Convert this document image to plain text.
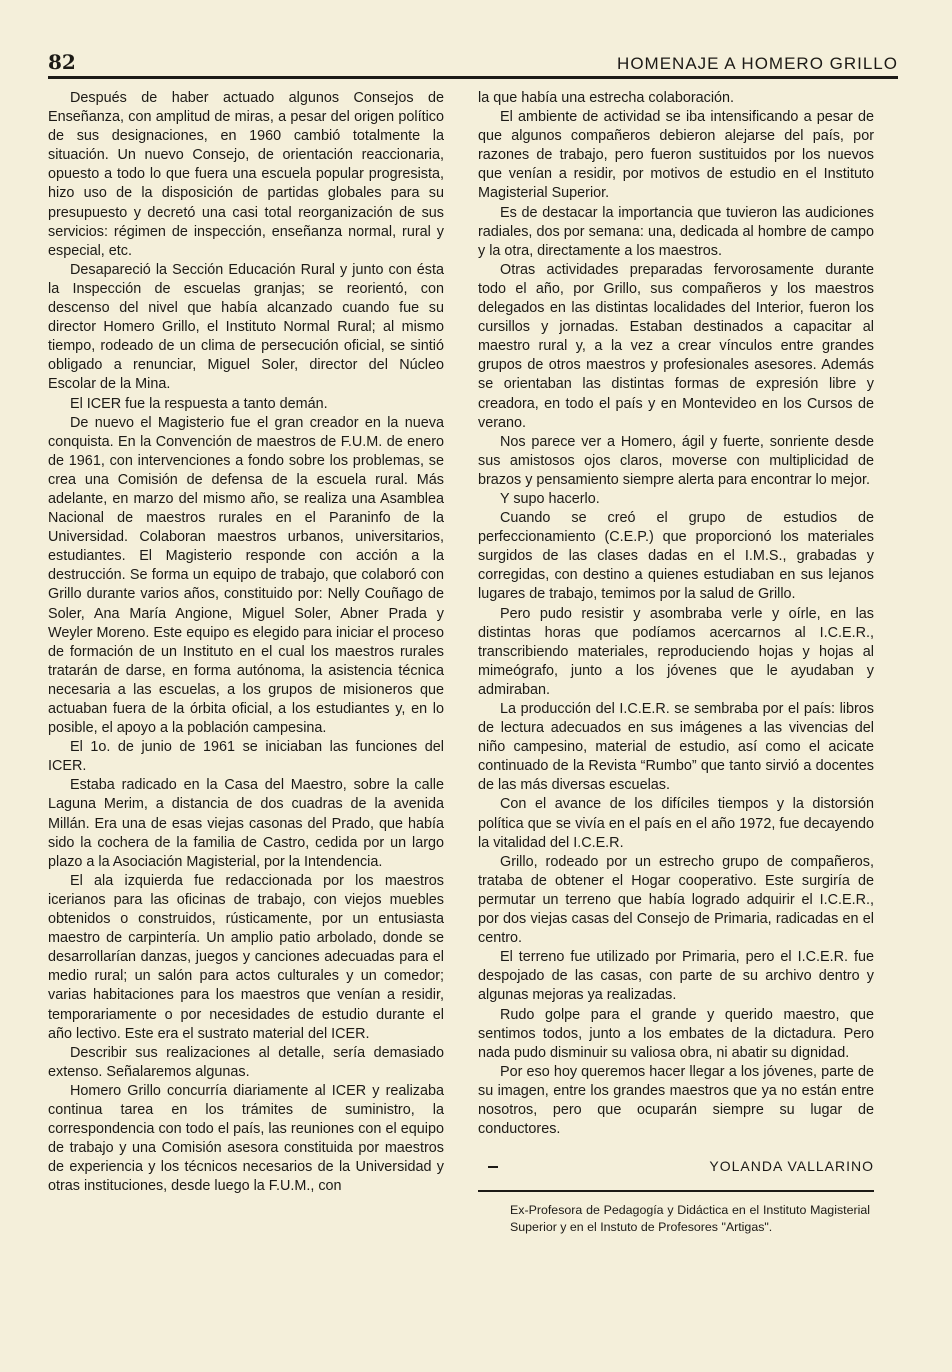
82	HOMENAJE A HOMERO GRILLO

Después de haber actuado algunos Consejos de Enseñanza, con amplitud de miras, a pesar del origen político de sus designaciones, en 1960 cambió totalmente la situación. Un nuevo Consejo, de orientación reaccionaria, opuesto a todo lo que fuera una escuela popular progresista, hizo uso de la disposición de partidas globales para su presupuesto y decretó una casi total reorganización de sus servicios: régimen de inspección, enseñanza normal, rural y especial, etc.

Desapareció la Sección Educación Rural y junto con ésta la Inspección de escuelas granjas; se reorientó, con descenso del nivel que había alcanzado cuando fue su director Homero Grillo, el Instituto Normal Rural; al mismo tiempo, rodeado de un clima de persecución oficial, se sintió obligado a renunciar, Miguel Soler, director del Núcleo Escolar de la Mina.

El ICER fue la respuesta a tanto demán.

De nuevo el Magisterio fue el gran creador en la nueva conquista. En la Convención de maestros de F.U.M. de enero de 1961, con intervenciones a fondo sobre los problemas, se crea una Comisión de defensa de la escuela rural. Más adelante, en marzo del mismo año, se realiza una Asamblea Nacional de maestros rurales en el Paraninfo de la Universidad. Colaboran maestros urbanos, universitarios, estudiantes. El Magisterio responde con acción a la destrucción. Se forma un equipo de trabajo, que colaboró con Grillo durante varios años, constituido por: Nelly Couñago de Soler, Ana María Angione, Miguel Soler, Abner Prada y Weyler Moreno. Este equipo es elegido para iniciar el proceso de formación de un Instituto en el cual los maestros rurales tratarán de darse, en forma autónoma, la asistencia técnica necesaria a las escuelas, a los grupos de misioneros que actuaban fuera de la órbita oficial, a los estudiantes y, en lo posible, el apoyo a la población campesina.

El 1o. de junio de 1961 se iniciaban las funciones del ICER.

Estaba radicado en la Casa del Maestro, sobre la calle Laguna Merim, a distancia de dos cuadras de la avenida Millán. Era una de esas viejas casonas del Prado, que había sido la cochera de la familia de Castro, cedida por un largo plazo a la Asociación Magisterial, por la Intendencia.

El ala izquierda fue redaccionada por los maestros icerianos para las oficinas de trabajo, con viejos muebles obtenidos o construidos, rústicamente, por un entusiasta maestro de carpintería. Un amplio patio arbolado, donde se desarrollarían danzas, juegos y canciones adecuadas para el medio rural; un salón para actos culturales y un comedor; varias habitaciones para los maestros que venían a residir, temporariamente o por necesidades de estudio durante el año lectivo. Este era el sustrato material del ICER.

Describir sus realizaciones al detalle, sería demasiado extenso. Señalaremos algunas.

Homero Grillo concurría diariamente al ICER y realizaba continua tarea en los trámites de suministro, la correspondencia con todo el país, las reuniones con el equipo de trabajo y una Comisión asesora constituida por maestros de experiencia y los técnicos necesarios de la Universidad y otras instituciones, desde luego la F.U.M., con

la que había una estrecha colaboración.

El ambiente de actividad se iba intensificando a pesar de que algunos compañeros debieron alejarse del país, por razones de trabajo, pero fueron sustituidos por los nuevos que venían a residir, por motivos de estudio en el Instituto Magisterial Superior.

Es de destacar la importancia que tuvieron las audiciones radiales, dos por semana: una, dedicada al hombre de campo y la otra, directamente a los maestros.

Otras actividades preparadas fervorosamente durante todo el año, por Grillo, sus compañeros y los maestros delegados en las distintas localidades del Interior, fueron los cursillos y jornadas. Estaban destinados a capacitar al maestro rural y, a la vez a crear vínculos entre grandes grupos de otros maestros y profesionales asesores. Además se orientaban las distintas formas de expresión libre y creadora, en todo el país y en Montevideo en los Cursos de verano.

Nos parece ver a Homero, ágil y fuerte, sonriente desde sus amistosos ojos claros, moverse con multiplicidad de brazos y pensamiento siempre alerta para encontrar lo mejor.

Y supo hacerlo.

Cuando se creó el grupo de estudios de perfeccionamiento (C.E.P.) que proporcionó los materiales surgidos de las clases dadas en el I.M.S., grabadas y corregidas, con destino a quienes estudiaban en sus lejanos lugares de trabajo, temimos por la salud de Grillo.

Pero pudo resistir y asombraba verle y oírle, en las distintas horas que podíamos acercarnos al I.C.E.R., transcribiendo materiales, reproduciendo hojas y hojas al mimeógrafo, junto a los jóvenes que le ayudaban y admiraban.

La producción del I.C.E.R. se sembraba por el país: libros de lectura adecuados en sus imágenes a las vivencias del niño campesino, material de estudio, así como el acicate continuado de la Revista “Rumbo” que tanto sirvió a docentes de las más diversas escuelas.

Con el avance de los difíciles tiempos y la distorsión política que se vivía en el país en el año 1972, fue decayendo la vitalidad del I.C.E.R.

Grillo, rodeado por un estrecho grupo de compañeros, trataba de obtener el Hogar cooperativo. Este surgiría de permutar un terreno que había logrado adquirir el I.C.E.R., por dos viejas casas del Consejo de Primaria, radicadas en el centro.

El terreno fue utilizado por Primaria, pero el I.C.E.R. fue despojado de las casas, con parte de su archivo dentro y algunas mejoras ya realizadas.

Rudo golpe para el grande y querido maestro, que sentimos todos, junto a los embates de la dictadura. Pero nada pudo disminuir su valiosa obra, ni abatir su dignidad.

Por eso hoy queremos hacer llegar a los jóvenes, parte de su imagen, entre los grandes maestros que ya no están entre nosotros, pero que ocuparán siempre su lugar de conductores.

YOLANDA VALLARINO
Ex-Profesora de Pedagogía y Didáctica en el Instituto Magisterial Superior y en el Instuto de Profesores "Artigas".
